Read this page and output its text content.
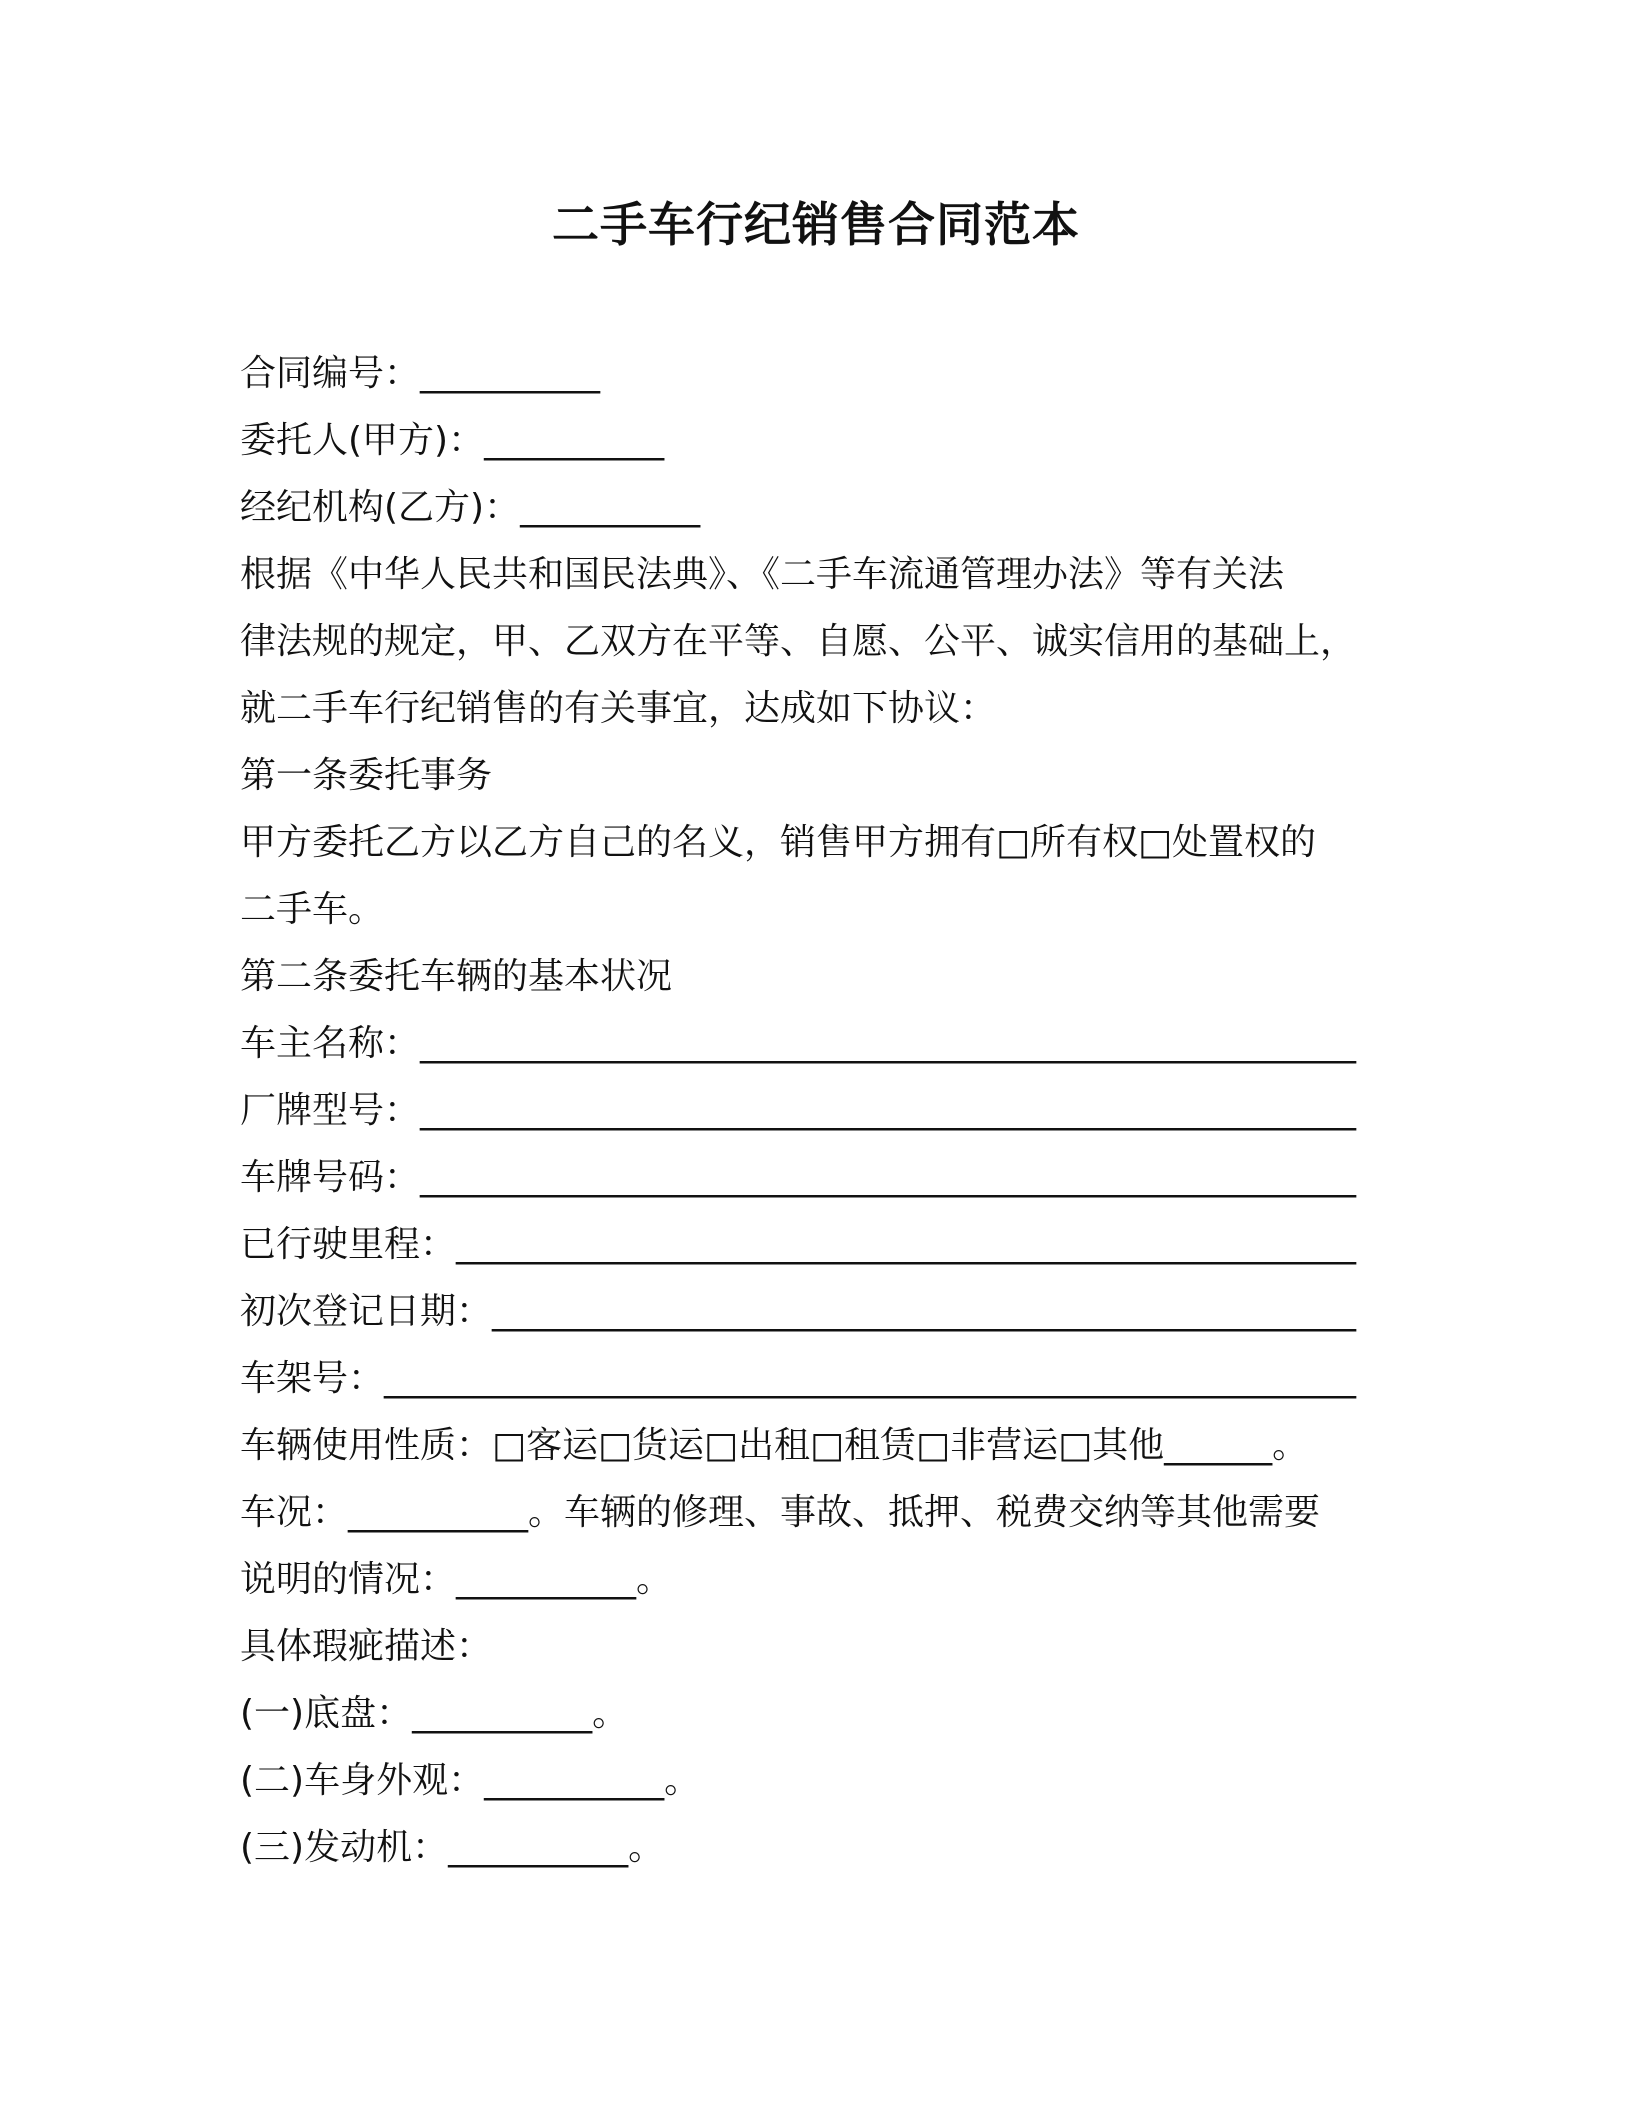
二手车行纪销售合同范本
合同编号：__________
委托人(甲方)：__________
经纪机构(乙方)：__________
根据《中华人民共和国民法典》、《二手车流通管理办法》等有关法
律法规的规定，甲、乙双方在平等、自愿、公平、诚实信用的基础上，
就二手车行纪销售的有关事宜，达成如下协议：
第一条委托事务
甲方委托乙方以乙方自己的名义，销售甲方拥有□所有权□处置权的
二手车。
第二条委托车辆的基本状况
车主名称：____________________________________________________
厂牌型号：____________________________________________________
车牌号码：____________________________________________________
已行驶里程：__________________________________________________
初次登记日期：________________________________________________
车架号：______________________________________________________
车辆使用性质：□客运□货运□出租□租赁□非营运□其他______。
车况：__________。车辆的修理、事故、抵押、税费交纳等其他需要
说明的情况：__________。
具体瑕疵描述：
(一)底盘：__________。
(二)车身外观：__________。
(三)发动机：__________。
